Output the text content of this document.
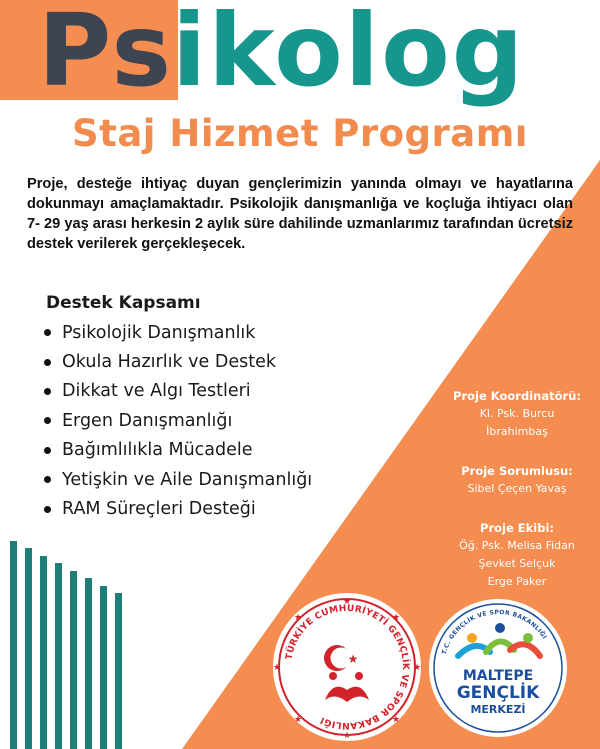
Ps
ikolog
Staj Hizmet Programı
Proje, desteğe ihtiyaç duyan gençlerimizin yanında olmayı ve hayatlarına dokunmayı amaçlamaktadır. Psikolojik danışmanlığa ve koçluğa ihtiyacı olan 7- 29 yaş arası herkesin 2 aylık süre dahilinde uzmanlarımız tarafından ücretsiz destek verilerek gerçekleşecek.
Destek Kapsamı
Psikolojik Danışmanlık
Okula Hazırlık ve Destek
Dikkat ve Algı Testleri
Ergen Danışmanlığı
Bağımlılıkla Mücadele
Yetişkin ve Aile Danışmanlığı
RAM Süreçleri Desteği
Proje Koordinatörü:
Kl. Psk. Burcu
İbrahimbaş
Proje Sorumlusu:
Sibel Çeçen Yavaş
Proje Ekibi:
Öğ. Psk. Melisa Fidan
Şevket Selçuk
Erge Paker
★
★
★	★
★	★
★	★
TÜRKİYE CUMHURİYETİ GENÇLİK VE SPOR BAKANLIĞI
★	T.C. GENÇLİK VE SPOR BAKANLIĞI
MALTEPE
GENÇLİK
MERKEZİ
